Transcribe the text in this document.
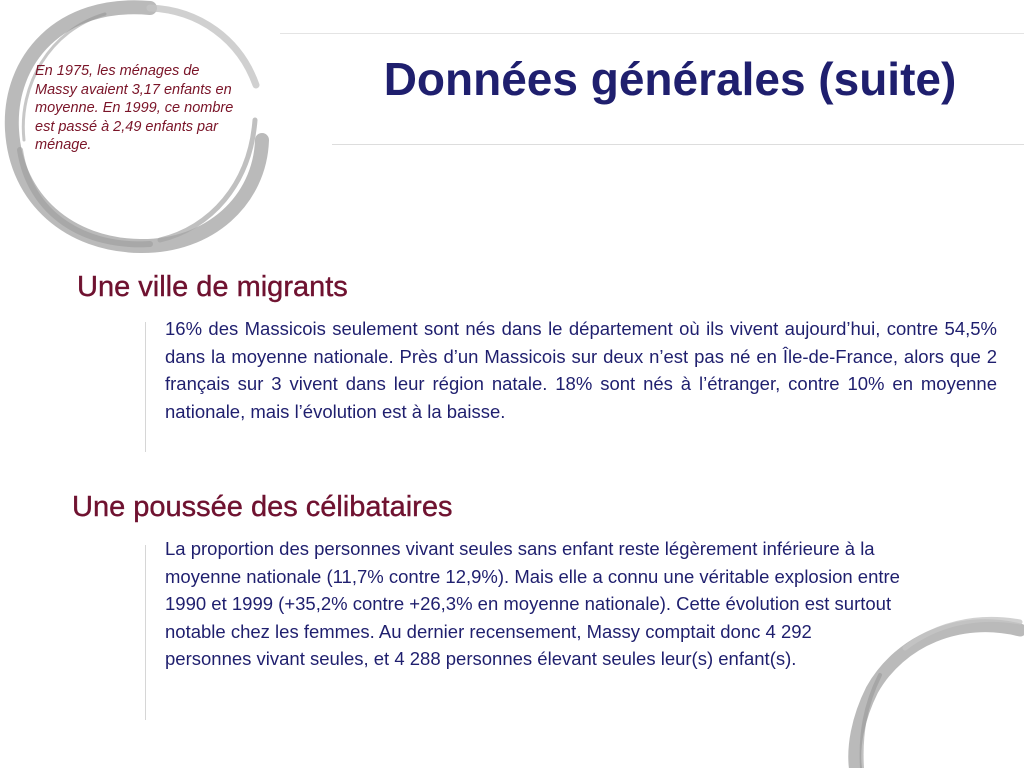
En 1975, les ménages de Massy avaient 3,17 enfants en moyenne. En 1999, ce nombre est passé à 2,49 enfants par ménage.

Données générales (suite)
Une ville de migrants

16% des Massicois seulement sont nés dans le département où ils vivent aujourd’hui, contre 54,5% dans la moyenne nationale. Près d’un Massicois sur deux n’est pas né en Île-de-France, alors que 2 français sur 3 vivent dans leur région natale. 18% sont nés à l’étranger, contre 10% en moyenne nationale, mais l’évolution est à la baisse.

Une poussée des célibataires

La proportion des personnes vivant seules sans enfant reste légèrement inférieure à la moyenne nationale (11,7% contre 12,9%). Mais elle a connu une véritable explosion entre 1990 et 1999 (+35,2% contre +26,3% en moyenne nationale). Cette évolution est surtout notable chez les femmes. Au dernier recensement, Massy comptait donc 4 292 personnes vivant seules, et 4 288 personnes élevant seules leur(s) enfant(s).
